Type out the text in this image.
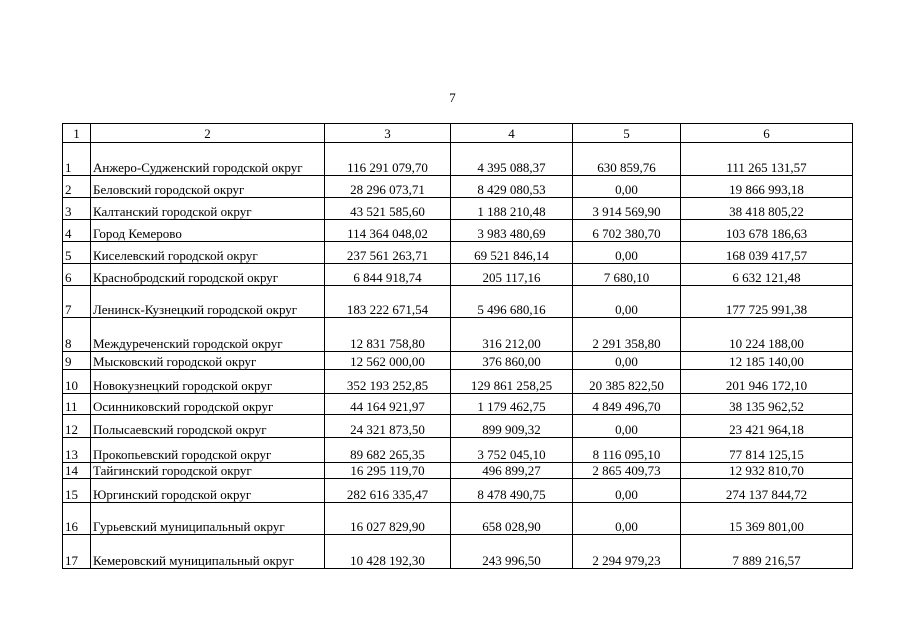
7
1	2	3	4	5	6
1	Анжеро-Судженский городской округ	116 291 079,70	4 395 088,37	630 859,76	111 265 131,57
2	Беловский городской округ	28 296 073,71	8 429 080,53	0,00	19 866 993,18
3	Калтанский городской округ	43 521 585,60	1 188 210,48	3 914 569,90	38 418 805,22
4	Город Кемерово	114 364 048,02	3 983 480,69	6 702 380,70	103 678 186,63
5	Киселевский городской округ	237 561 263,71	69 521 846,14	0,00	168 039 417,57
6	Краснобродский городской округ	6 844 918,74	205 117,16	7 680,10	6 632 121,48
7	Ленинск-Кузнецкий городской округ	183 222 671,54	5 496 680,16	0,00	177 725 991,38
8	Междуреченский городской округ	12 831 758,80	316 212,00	2 291 358,80	10 224 188,00
9	Мысковский городской округ	12 562 000,00	376 860,00	0,00	12 185 140,00
10	Новокузнецкий городской округ	352 193 252,85	129 861 258,25	20 385 822,50	201 946 172,10
11	Осинниковский городской округ	44 164 921,97	1 179 462,75	4 849 496,70	38 135 962,52
12	Полысаевский городской округ	24 321 873,50	899 909,32	0,00	23 421 964,18
13	Прокопьевский городской округ	89 682 265,35	3 752 045,10	8 116 095,10	77 814 125,15
14	Тайгинский городской округ	16 295 119,70	496 899,27	2 865 409,73	12 932 810,70
15	Юргинский городской округ	282 616 335,47	8 478 490,75	0,00	274 137 844,72
16	Гурьевский муниципальный округ	16 027 829,90	658 028,90	0,00	15 369 801,00
17	Кемеровский муниципальный округ	10 428 192,30	243 996,50	2 294 979,23	7 889 216,57
